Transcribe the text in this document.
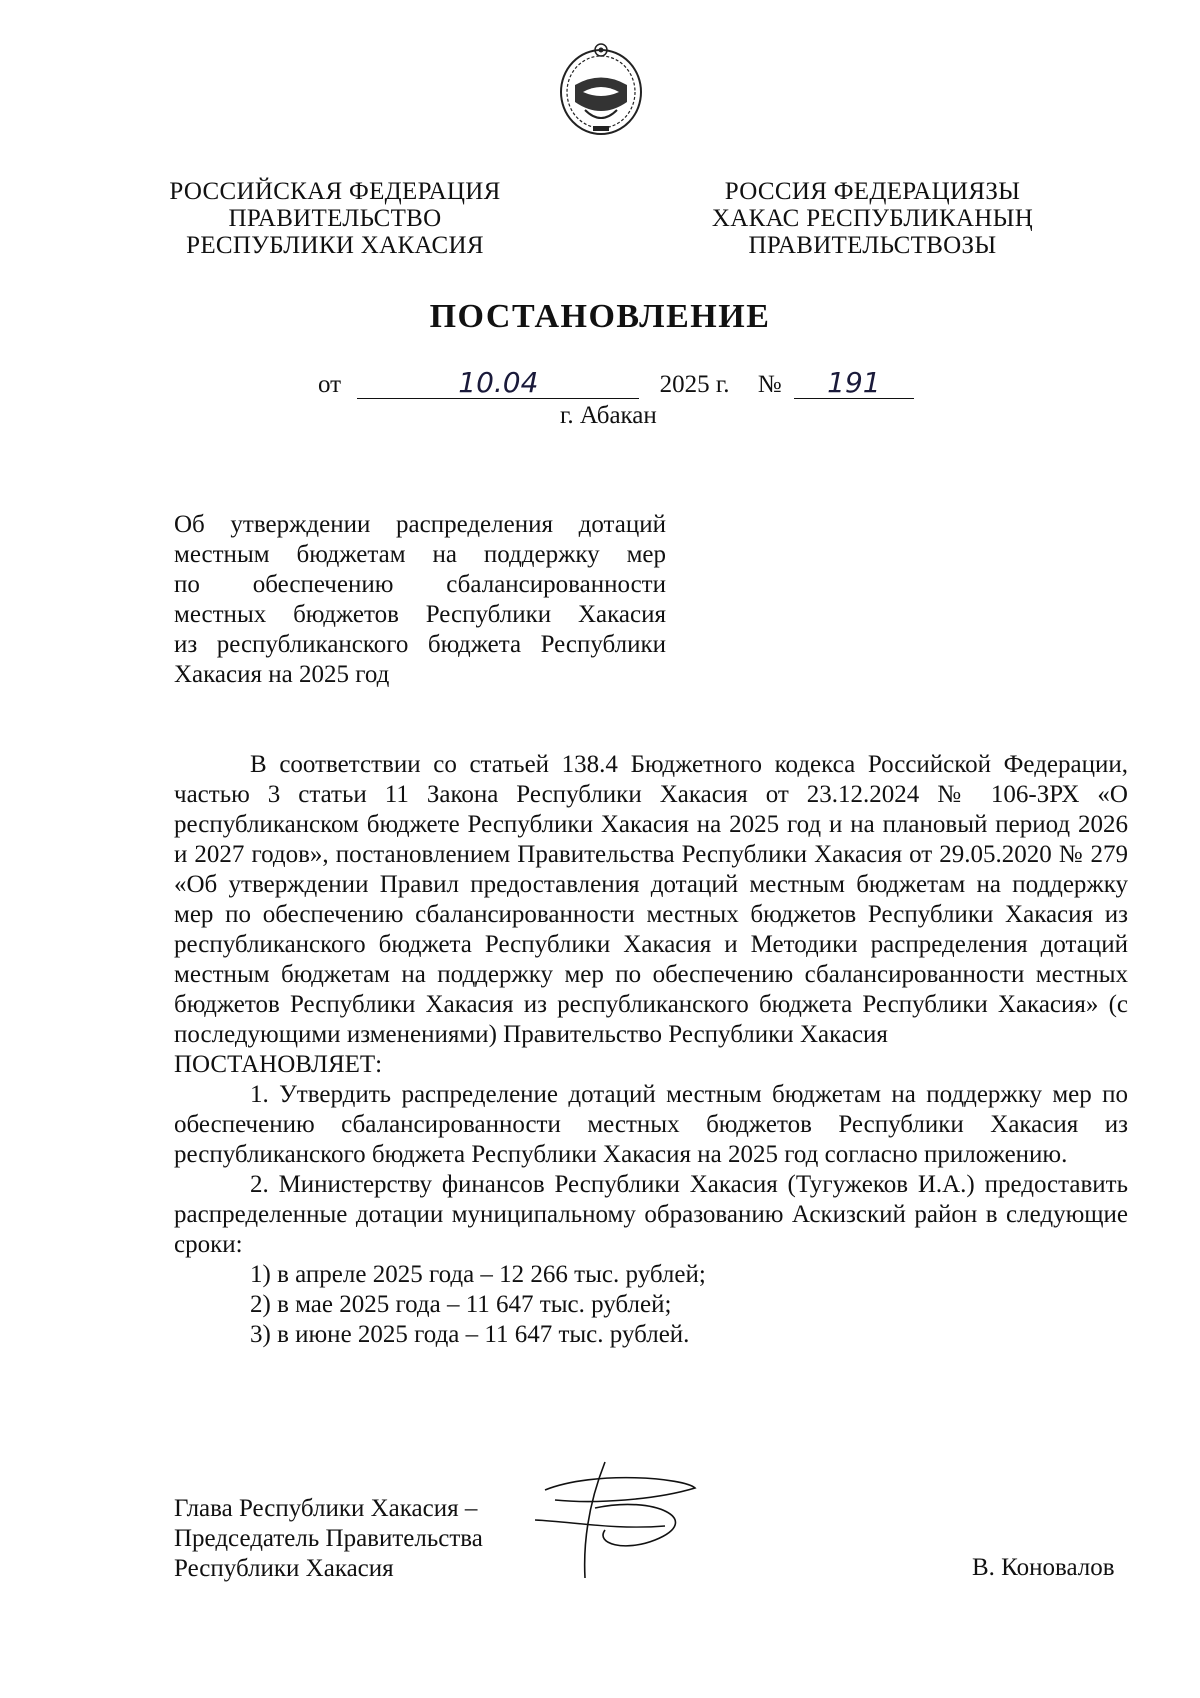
РОССИЙСКАЯ ФЕДЕРАЦИЯ
ПРАВИТЕЛЬСТВО
РЕСПУБЛИКИ ХАКАСИЯ
РОССИЯ ФЕДЕРАЦИЯЗЫ
ХАКАС РЕСПУБЛИКАНЫҢ
ПРАВИТЕЛЬСТВОЗЫ
ПОСТАНОВЛЕНИЕ
от	10.04	2025 г. № 191
г. Абакан
Об утверждении распределения дотаций
местным бюджетам на поддержку мер
по обеспечению сбалансированности
местных бюджетов Республики Хакасия
из республиканского бюджета Республики
Хакасия на 2025 год

В соответствии со статьей 138.4 Бюджетного кодекса Российской Федерации, частью 3 статьи 11 Закона Республики Хакасия от 23.12.2024 № 106-ЗРХ «О республиканском бюджете Республики Хакасия на 2025 год и на плановый период 2026 и 2027 годов», постановлением Правительства Республики Хакасия от 29.05.2020 № 279 «Об утверждении Правил предоставления дотаций местным бюджетам на поддержку мер по обеспечению сбалансированности местных бюджетов Республики Хакасия из республиканского бюджета Республики Хакасия и Методики распределения дотаций местным бюджетам на поддержку мер по обеспечению сбалансированности местных бюджетов Республики Хакасия из республиканского бюджета Республики Хакасия» (с последующими изменениями) Правительство Республики Хакасия

ПОСТАНОВЛЯЕТ:

1. Утвердить распределение дотаций местным бюджетам на поддержку мер по обеспечению сбалансированности местных бюджетов Республики Хакасия из республиканского бюджета Республики Хакасия на 2025 год согласно приложению.

2. Министерству финансов Республики Хакасия (Тугужеков И.А.) предоставить распределенные дотации муниципальному образованию Аскизский район в следующие сроки:

1) в апреле 2025 года – 12 266 тыс. рублей;

2) в мае 2025 года – 11 647 тыс. рублей;

3) в июне 2025 года – 11 647 тыс. рублей.

Глава Республики Хакасия –
Председатель Правительства
Республики Хакасия	В. Коновалов
